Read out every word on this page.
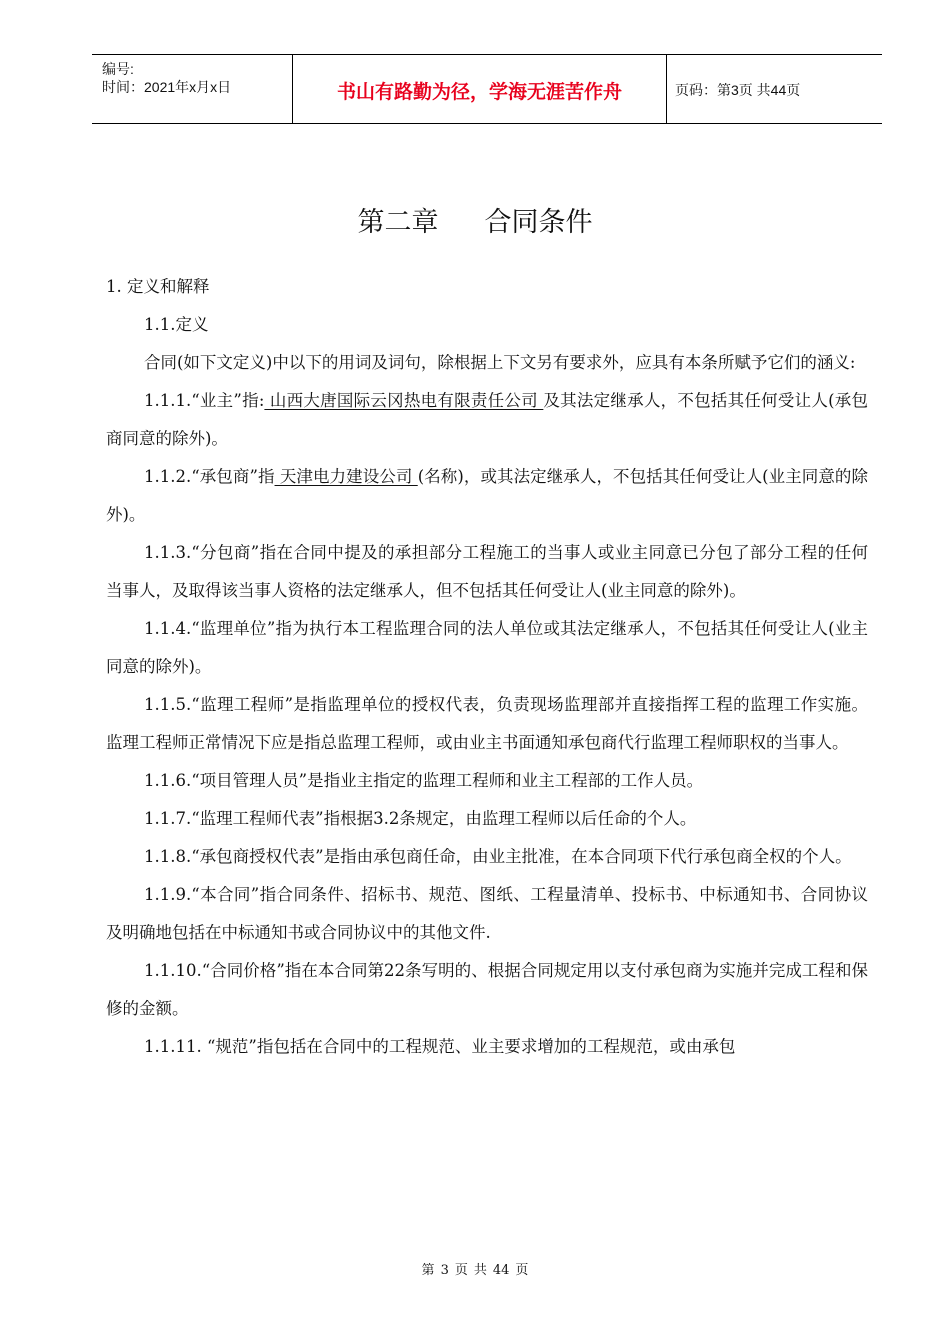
编号:
时间：2021年x月x日	书山有路勤为径，学海无涯苦作舟	页码：第3页 共44页
第二章 合同条件

1. 定义和解释

1.1.定义

合同(如下文定义)中以下的用词及词句，除根据上下文另有要求外，应具有本条所赋予它们的涵义:

1.1.1.“业主”指: 山西大唐国际云冈热电有限责任公司 及其法定继承人，不包括其任何受让人(承包商同意的除外)。

1.1.2.“承包商”指 天津电力建设公司 (名称)，或其法定继承人，不包括其任何受让人(业主同意的除外)。

1.1.3.“分包商”指在合同中提及的承担部分工程施工的当事人或业主同意已分包了部分工程的任何当事人，及取得该当事人资格的法定继承人，但不包括其任何受让人(业主同意的除外)。

1.1.4.“监理单位”指为执行本工程监理合同的法人单位或其法定继承人，不包括其任何受让人(业主同意的除外)。

1.1.5.“监理工程师”是指监理单位的授权代表，负责现场监理部并直接指挥工程的监理工作实施。监理工程师正常情况下应是指总监理工程师，或由业主书面通知承包商代行监理工程师职权的当事人。

1.1.6.“项目管理人员”是指业主指定的监理工程师和业主工程部的工作人员。

1.1.7.“监理工程师代表”指根据3.2条规定，由监理工程师以后任命的个人。

1.1.8.“承包商授权代表”是指由承包商任命，由业主批准，在本合同项下代行承包商全权的个人。

1.1.9.“本合同”指合同条件、招标书、规范、图纸、工程量清单、投标书、中标通知书、合同协议及明确地包括在中标通知书或合同协议中的其他文件.

1.1.10.“合同价格”指在本合同第22条写明的、根据合同规定用以支付承包商为实施并完成工程和保修的金额。

1.1.11. “规范”指包括在合同中的工程规范、业主要求增加的工程规范，或由承包

第 3 页 共 44 页
